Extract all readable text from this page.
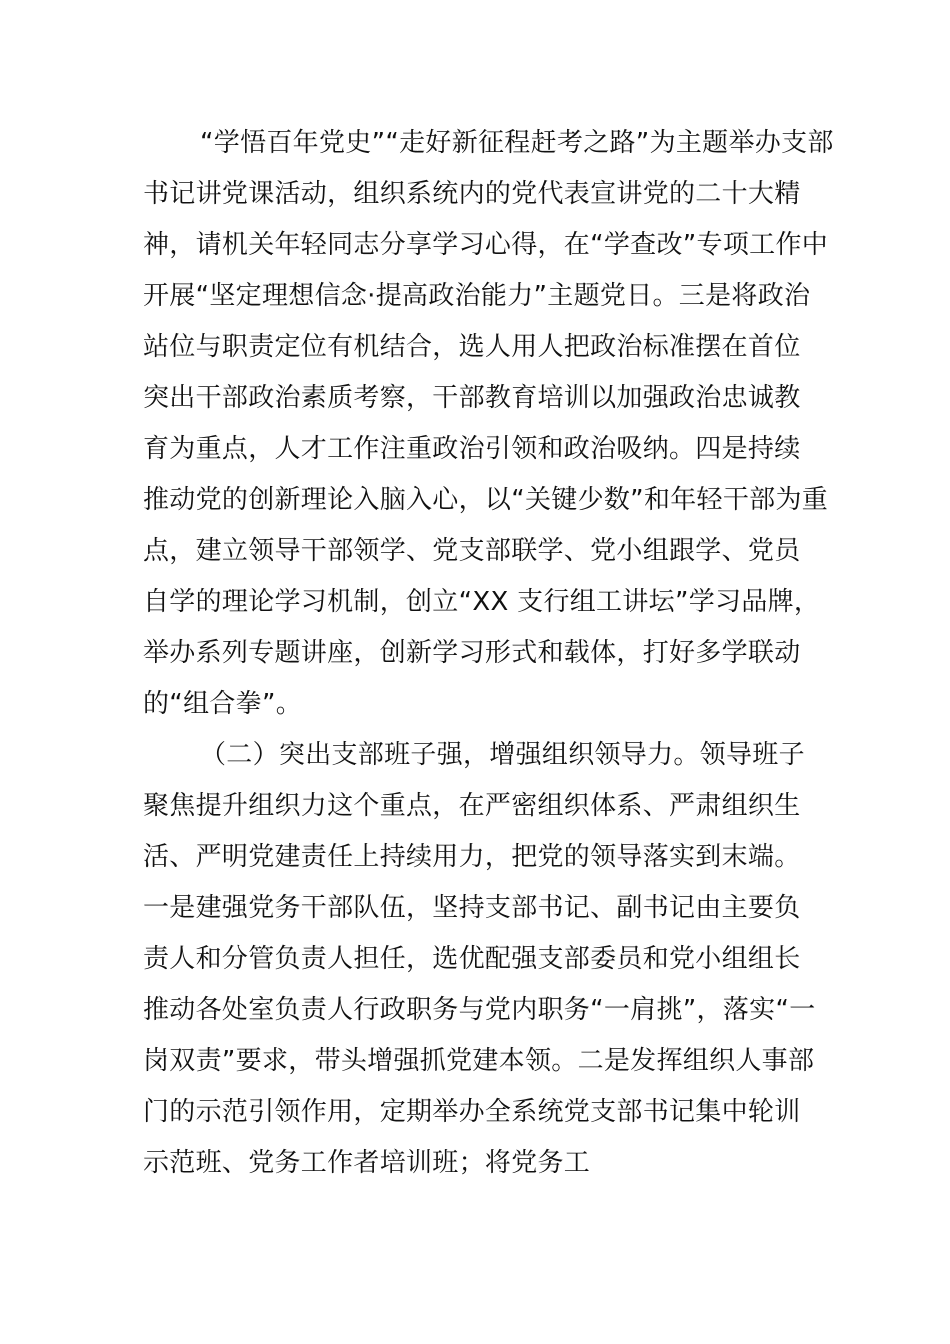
“学悟百年党史”“走好新征程赶考之路”为主题举办支部
书记讲党课活动，组织系统内的党代表宣讲党的二十大精
神，请机关年轻同志分享学习心得，在“学查改”专项工作中
开展“坚定理想信念·提高政治能力”主题党日。三是将政治
站位与职责定位有机结合，选人用人把政治标准摆在首位
突出干部政治素质考察，干部教育培训以加强政治忠诚教
育为重点，人才工作注重政治引领和政治吸纳。四是持续
推动党的创新理论入脑入心，以“关键少数”和年轻干部为重
点，建立领导干部领学、党支部联学、党小组跟学、党员
自学的理论学习机制，创立“XX 支行组工讲坛”学习品牌，
举办系列专题讲座，创新学习形式和载体，打好多学联动
的“组合拳”。
（二）突出支部班子强，增强组织领导力。领导班子
聚焦提升组织力这个重点，在严密组织体系、严肃组织生
活、严明党建责任上持续用力，把党的领导落实到末端。
一是建强党务干部队伍，坚持支部书记、副书记由主要负
责人和分管负责人担任，选优配强支部委员和党小组组长
推动各处室负责人行政职务与党内职务“一肩挑”，落实“一
岗双责”要求，带头增强抓党建本领。二是发挥组织人事部
门的示范引领作用，定期举办全系统党支部书记集中轮训
示范班、党务工作者培训班；将党务工
